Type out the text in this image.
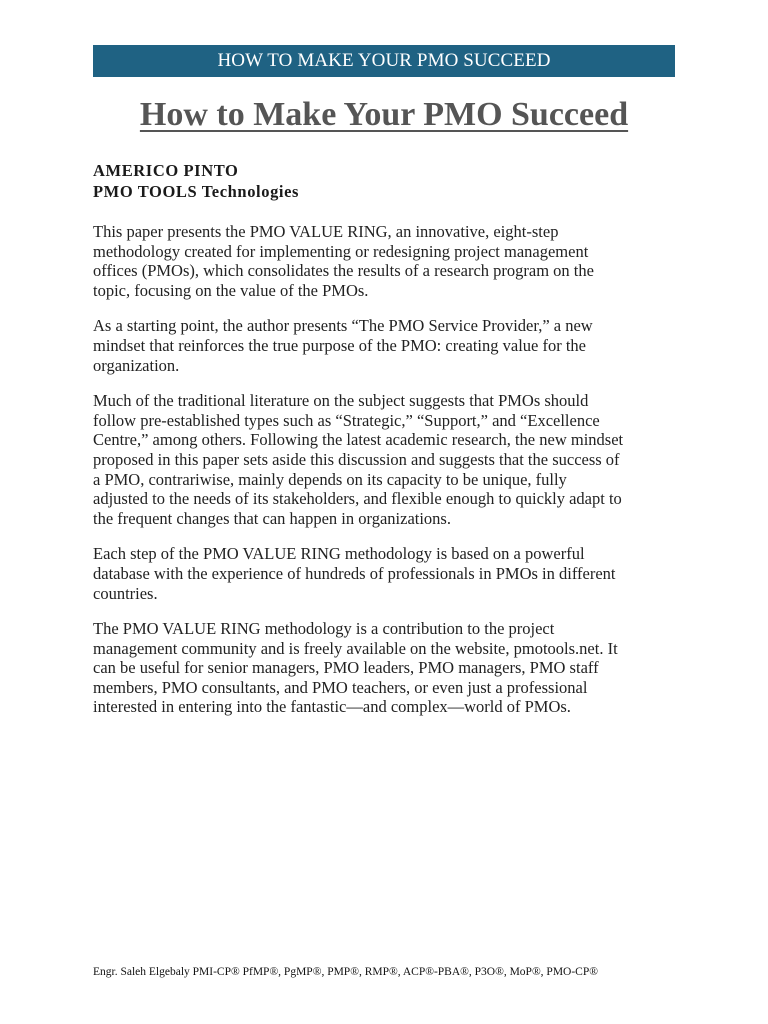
HOW TO MAKE YOUR PMO SUCCEED
How to Make Your PMO Succeed
AMERICO PINTO
PMO TOOLS Technologies

This paper presents the PMO VALUE RING, an innovative, eight-step
methodology created for implementing or redesigning project management
offices (PMOs), which consolidates the results of a research program on the
topic, focusing on the value of the PMOs.

As a starting point, the author presents “The PMO Service Provider,” a new
mindset that reinforces the true purpose of the PMO: creating value for the
organization.

Much of the traditional literature on the subject suggests that PMOs should
follow pre-established types such as “Strategic,” “Support,” and “Excellence
Centre,” among others. Following the latest academic research, the new mindset
proposed in this paper sets aside this discussion and suggests that the success of
a PMO, contrariwise, mainly depends on its capacity to be unique, fully
adjusted to the needs of its stakeholders, and flexible enough to quickly adapt to
the frequent changes that can happen in organizations.

Each step of the PMO VALUE RING methodology is based on a powerful
database with the experience of hundreds of professionals in PMOs in different
countries.

The PMO VALUE RING methodology is a contribution to the project
management community and is freely available on the website, pmotools.net. It
can be useful for senior managers, PMO leaders, PMO managers, PMO staff
members, PMO consultants, and PMO teachers, or even just a professional
interested in entering into the fantastic—and complex—world of PMOs.

Engr. Saleh Elgebaly PMI-CP® PfMP®, PgMP®, PMP®, RMP®, ACP®-PBA®, P3O®, MoP®, PMO-CP®
